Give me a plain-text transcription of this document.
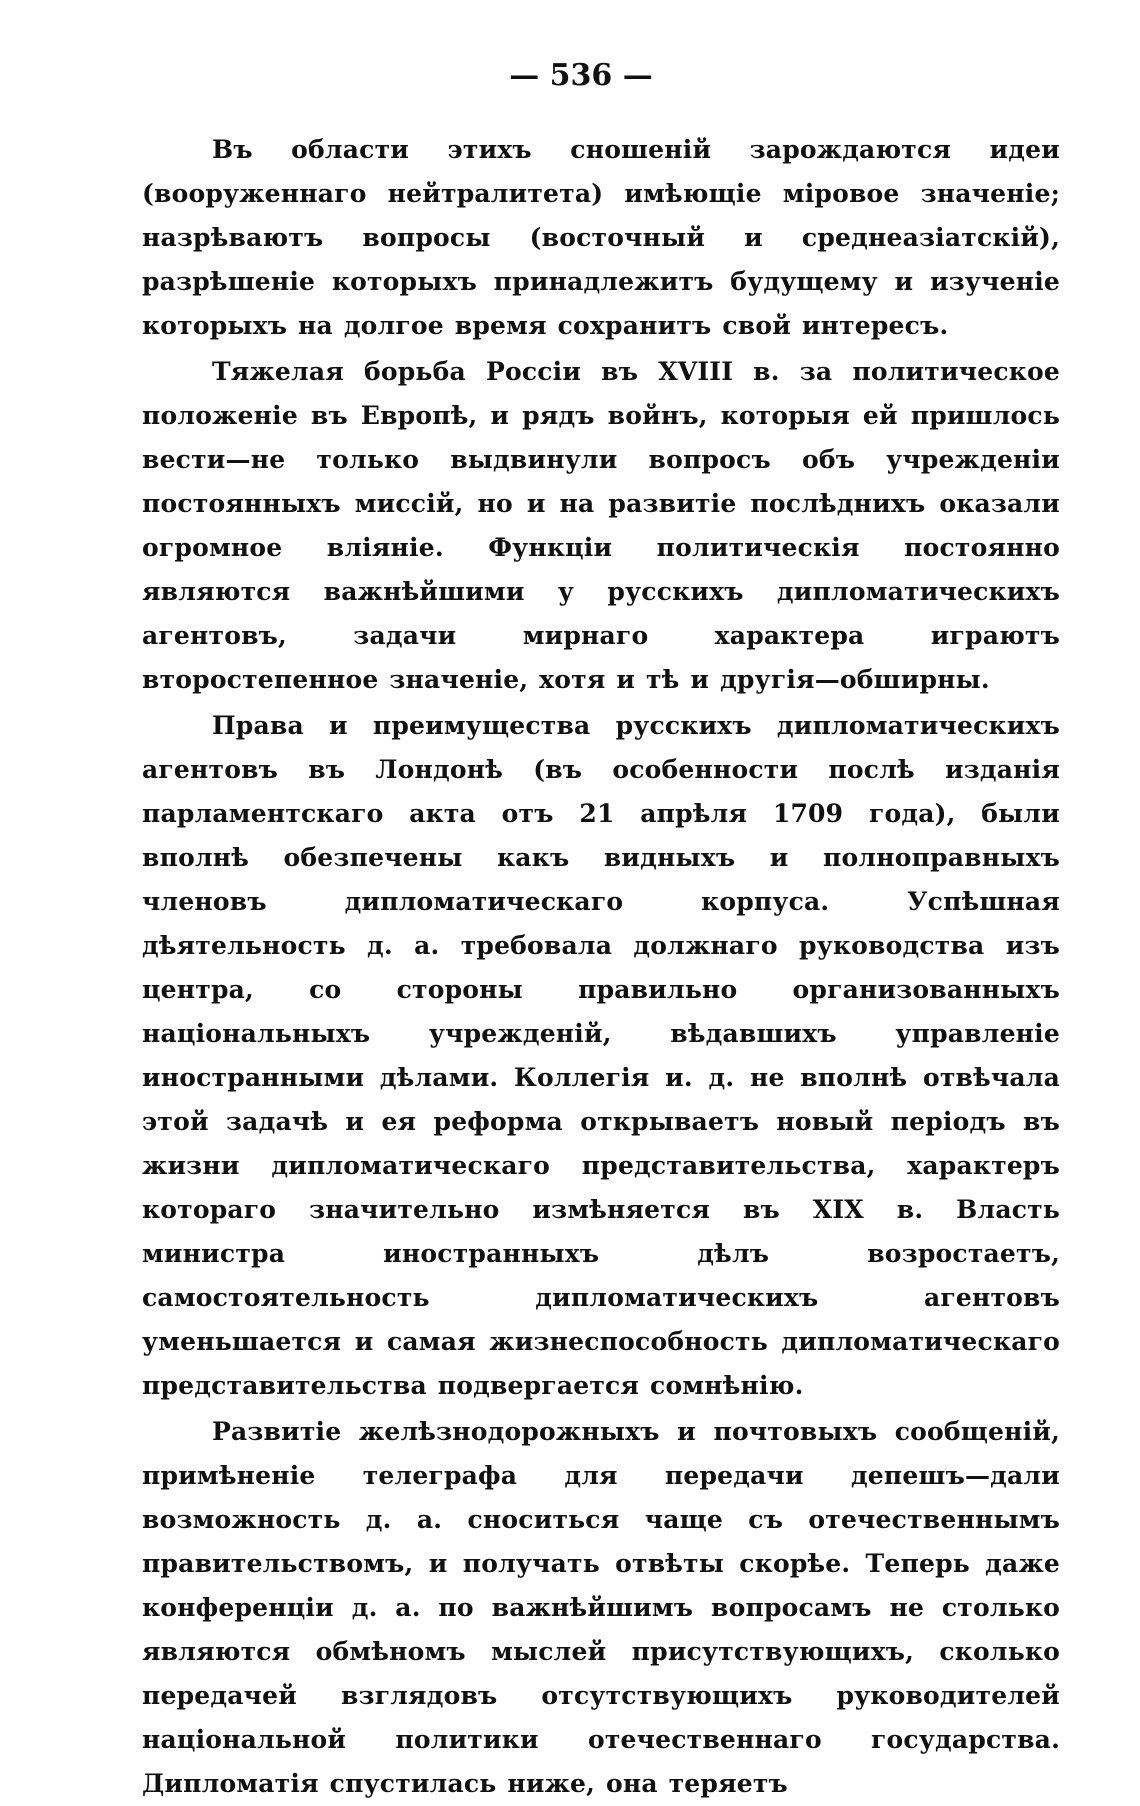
— 536 —

Въ области этихъ сношеній зарождаются идеи (вооруженнаго нейтралитета) имѣющіе міровое значеніе; назрѣваютъ вопросы (восточный и среднеазіатскій), разрѣшеніе которыхъ принадлежитъ будущему и изученіе которыхъ на долгое время сохранитъ свой интересъ.

Тяжелая борьба Россіи въ XVIII в. за политическое положеніе въ Европѣ, и рядъ войнъ, которыя ей пришлось вести—не только выдвинули вопросъ объ учрежденіи постоянныхъ миссій, но и на развитіе послѣднихъ оказали огромное вліяніе. Функціи политическія постоянно являются важнѣйшими у русскихъ дипломатическихъ агентовъ, задачи мирнаго характера играютъ второстепенное значеніе, хотя и тѣ и другія—обширны.

Права и преимущества русскихъ дипломатическихъ агентовъ въ Лондонѣ (въ особенности послѣ изданія парламентскаго акта отъ 21 апрѣля 1709 года), были вполнѣ обезпечены какъ видныхъ и полноправныхъ членовъ дипломатическаго корпуса. Успѣшная дѣятельность д. а. требовала должнаго руководства изъ центра, со стороны правильно организованныхъ національныхъ учрежденій, вѣдавшихъ управленіе иностранными дѣлами. Коллегія и. д. не вполнѣ отвѣчала этой задачѣ и ея реформа открываетъ новый періодъ въ жизни дипломатическаго представительства, характеръ котораго значительно измѣняется въ XIX в. Власть министра иностранныхъ дѣлъ возростаетъ, самостоятельность дипломатическихъ агентовъ уменьшается и самая жизнеспособность дипломатическаго представительства подвергается сомнѣнію.

Развитіе желѣзнодорожныхъ и почтовыхъ сообщеній, примѣненіе телеграфа для передачи депешъ—дали возможность д. а. сноситься чаще съ отечественнымъ правительствомъ, и получать отвѣты скорѣе. Теперь даже конференціи д. а. по важнѣйшимъ вопросамъ не столько являются обмѣномъ мыслей присутствующихъ, сколько передачей взглядовъ отсутствующихъ руководителей національной политики отечественнаго государства. Дипломатія спустилась ниже, она теряетъ
